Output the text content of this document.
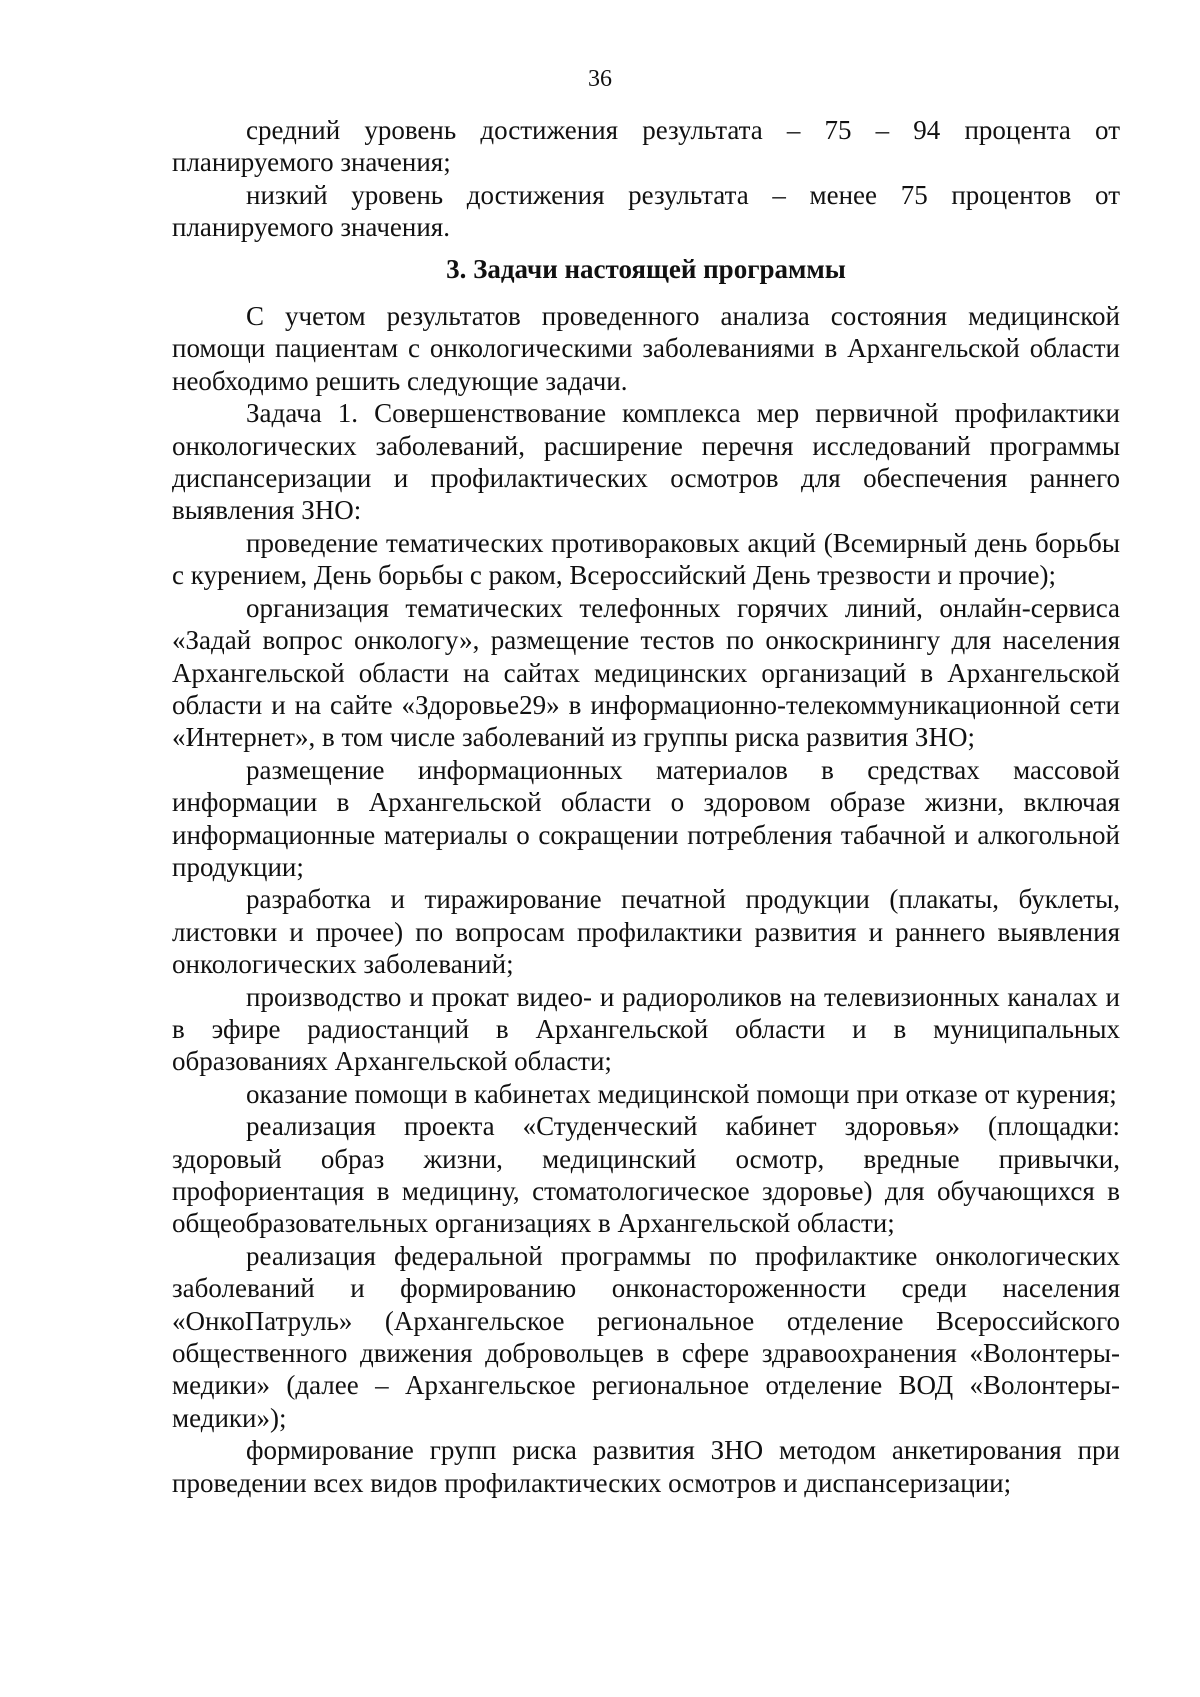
36

средний уровень достижения результата – 75 – 94 процента от планируемого значения;

низкий уровень достижения результата – менее 75 процентов от планируемого значения.

3. Задачи настоящей программы

С учетом результатов проведенного анализа состояния медицинской помощи пациентам с онкологическими заболеваниями в Архангельской области необходимо решить следующие задачи.

Задача 1. Совершенствование комплекса мер первичной профилактики онкологических заболеваний, расширение перечня исследований программы диспансеризации и профилактических осмотров для обеспечения раннего выявления ЗНО:

проведение тематических противораковых акций (Всемирный день борьбы с курением, День борьбы с раком, Всероссийский День трезвости и прочие);

организация тематических телефонных горячих линий, онлайн-сервиса «Задай вопрос онкологу», размещение тестов по онкоскринингу для населения Архангельской области на сайтах медицинских организаций в Архангельской области и на сайте «Здоровье29» в информационно-телекоммуникационной сети «Интернет», в том числе заболеваний из группы риска развития ЗНО;

размещение информационных материалов в средствах массовой информации в Архангельской области о здоровом образе жизни, включая информационные материалы о сокращении потребления табачной и алкогольной продукции;

разработка и тиражирование печатной продукции (плакаты, буклеты, листовки и прочее) по вопросам профилактики развития и раннего выявления онкологических заболеваний;

производство и прокат видео- и радиороликов на телевизионных каналах и в эфире радиостанций в Архангельской области и в муниципальных образованиях Архангельской области;

оказание помощи в кабинетах медицинской помощи при отказе от курения;

реализация проекта «Студенческий кабинет здоровья» (площадки: здоровый образ жизни, медицинский осмотр, вредные привычки, профориентация в медицину, стоматологическое здоровье) для обучающихся в общеобразовательных организациях в Архангельской области;

реализация федеральной программы по профилактике онкологических заболеваний и формированию онконастороженности среди населения «ОнкоПатруль» (Архангельское региональное отделение Всероссийского общественного движения добровольцев в сфере здравоохранения «Волонтеры-медики» (далее – Архангельское региональное отделение ВОД «Волонтеры-медики»);

формирование групп риска развития ЗНО методом анкетирования при проведении всех видов профилактических осмотров и диспансеризации;
